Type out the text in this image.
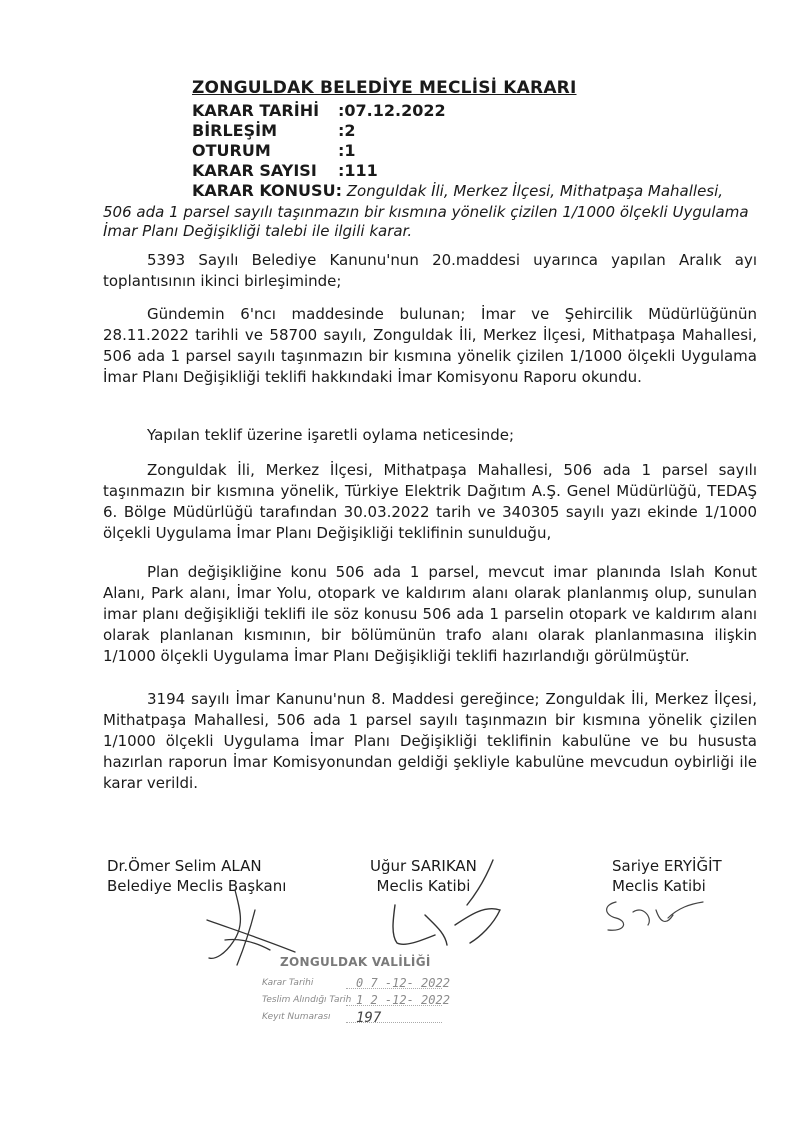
ZONGULDAK BELEDİYE MECLİSİ KARARI
KARAR TARİHİ :07.12.2022
BİRLEŞİM	:2
OTURUM	:1
KARAR SAYISI :111
KARAR KONUSU: Zonguldak İli, Merkez İlçesi, Mithatpaşa Mahallesi,
506 ada 1 parsel sayılı taşınmazın bir kısmına yönelik çizilen 1/1000 ölçekli Uygulama İmar Planı Değişikliği talebi ile ilgili karar.
5393 Sayılı Belediye Kanunu'nun 20.maddesi uyarınca yapılan Aralık ayı toplantısının ikinci birleşiminde;
Gündemin 6'ncı maddesinde bulunan; İmar ve Şehircilik Müdürlüğünün 28.11.2022 tarihli ve 58700 sayılı, Zonguldak İli, Merkez İlçesi, Mithatpaşa Mahallesi, 506 ada 1 parsel sayılı taşınmazın bir kısmına yönelik çizilen 1/1000 ölçekli Uygulama İmar Planı Değişikliği teklifi hakkındaki İmar Komisyonu Raporu okundu.
Yapılan teklif üzerine işaretli oylama neticesinde;
Zonguldak İli, Merkez İlçesi, Mithatpaşa Mahallesi, 506 ada 1 parsel sayılı taşınmazın bir kısmına yönelik, Türkiye Elektrik Dağıtım A.Ş. Genel Müdürlüğü, TEDAŞ 6. Bölge Müdürlüğü tarafından 30.03.2022 tarih ve 340305 sayılı yazı ekinde 1/1000 ölçekli Uygulama İmar Planı Değişikliği teklifinin sunulduğu,
Plan değişikliğine konu 506 ada 1 parsel, mevcut imar planında Islah Konut Alanı, Park alanı, İmar Yolu, otopark ve kaldırım alanı olarak planlanmış olup, sunulan imar planı değişikliği teklifi ile söz konusu 506 ada 1 parselin otopark ve kaldırım alanı olarak planlanan kısmının, bir bölümünün trafo alanı olarak planlanmasına ilişkin 1/1000 ölçekli Uygulama İmar Planı Değişikliği teklifi hazırlandığı görülmüştür.
3194 sayılı İmar Kanunu'nun 8. Maddesi gereğince; Zonguldak İli, Merkez İlçesi, Mithatpaşa Mahallesi, 506 ada 1 parsel sayılı taşınmazın bir kısmına yönelik çizilen 1/1000 ölçekli Uygulama İmar Planı Değişikliği teklifinin kabulüne ve bu hususta hazırlan raporun İmar Komisyonundan geldiği şekliyle kabulüne mevcudun oybirliği ile karar verildi.
Dr.Ömer Selim ALAN
Belediye Meclis Başkanı
Uğur SARIKAN
Meclis Katibi
Sariye ERYİĞİT
Meclis Katibi
ZONGULDAK VALİLİĞİ
Karar Tarihi	0 7 -12- 2022
Teslim Alındığı Tarih 1 2 -12- 2022
Keyıt Numarası 197
